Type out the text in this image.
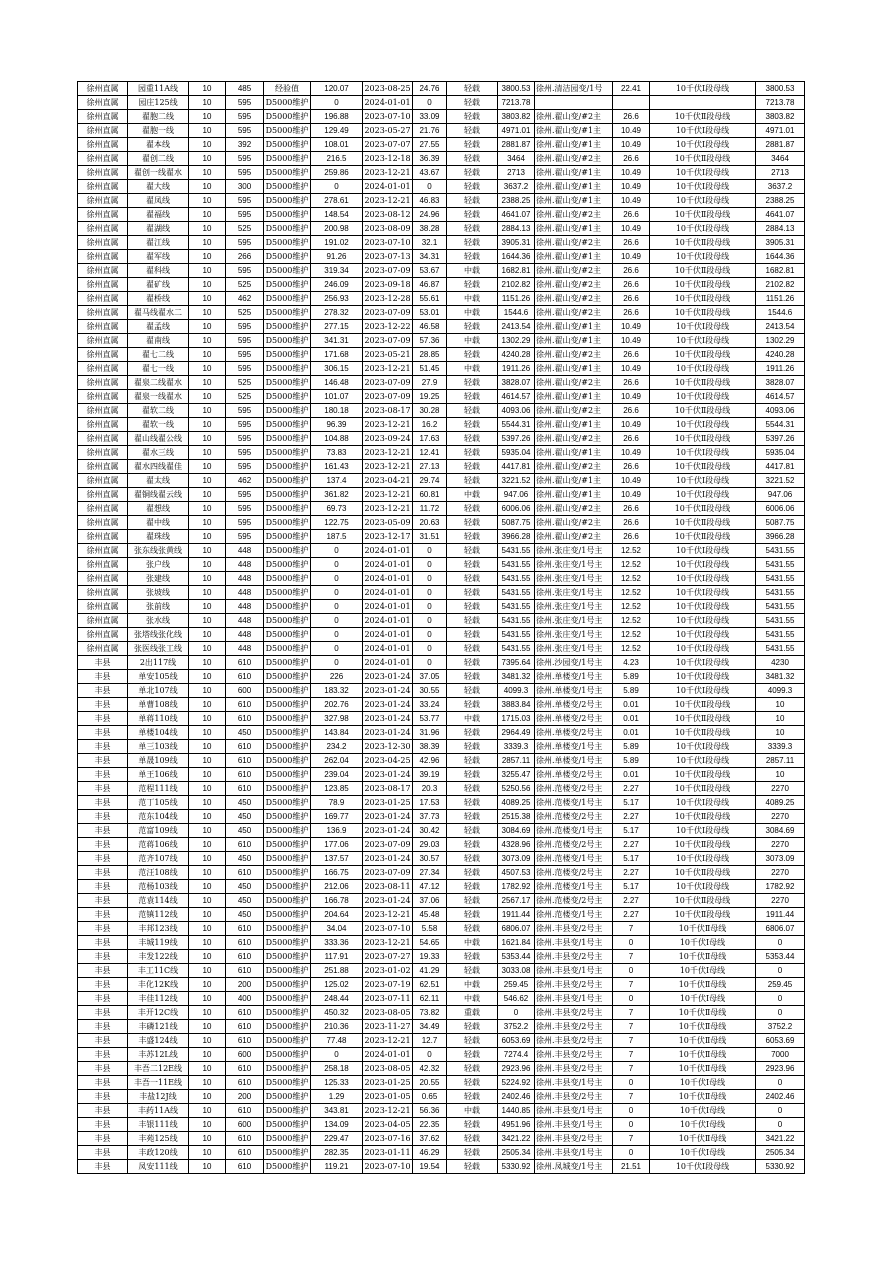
徐州直属	园重11A线	10	485	经验值	120.07	2023-08-25	24.76	轻载	3800.53	徐州.清洁园变/1号	22.41	10千伏Ⅰ段母线	3800.53
徐州直属	园庄125线	10	595	D5000维护	0	2024-01-01	0	轻载	7213.78				7213.78
徐州直属	翟胞二线	10	595	D5000维护	196.88	2023-07-10	33.09	轻载	3803.82	徐州.翟山变/#2主	26.6	10千伏Ⅱ段母线	3803.82
徐州直属	翟胞一线	10	595	D5000维护	129.49	2023-05-27	21.76	轻载	4971.01	徐州.翟山变/#1主	10.49	10千伏Ⅰ段母线	4971.01
徐州直属	翟本线	10	392	D5000维护	108.01	2023-07-07	27.55	轻载	2881.87	徐州.翟山变/#1主	10.49	10千伏Ⅰ段母线	2881.87
徐州直属	翟创二线	10	595	D5000维护	216.5	2023-12-18	36.39	轻载	3464	徐州.翟山变/#2主	26.6	10千伏Ⅱ段母线	3464
徐州直属	翟创一线翟水	10	595	D5000维护	259.86	2023-12-21	43.67	轻载	2713	徐州.翟山变/#1主	10.49	10千伏Ⅰ段母线	2713
徐州直属	翟大线	10	300	D5000维护	0	2024-01-01	0	轻载	3637.2	徐州.翟山变/#1主	10.49	10千伏Ⅰ段母线	3637.2
徐州直属	翟凤线	10	595	D5000维护	278.61	2023-12-21	46.83	轻载	2388.25	徐州.翟山变/#1主	10.49	10千伏Ⅰ段母线	2388.25
徐州直属	翟福线	10	595	D5000维护	148.54	2023-08-12	24.96	轻载	4641.07	徐州.翟山变/#2主	26.6	10千伏Ⅱ段母线	4641.07
徐州直属	翟湖线	10	525	D5000维护	200.98	2023-08-09	38.28	轻载	2884.13	徐州.翟山变/#1主	10.49	10千伏Ⅰ段母线	2884.13
徐州直属	翟江线	10	595	D5000维护	191.02	2023-07-10	32.1	轻载	3905.31	徐州.翟山变/#2主	26.6	10千伏Ⅱ段母线	3905.31
徐州直属	翟军线	10	266	D5000维护	91.26	2023-07-13	34.31	轻载	1644.36	徐州.翟山变/#1主	10.49	10千伏Ⅰ段母线	1644.36
徐州直属	翟科线	10	595	D5000维护	319.34	2023-07-09	53.67	中载	1682.81	徐州.翟山变/#2主	26.6	10千伏Ⅱ段母线	1682.81
徐州直属	翟矿线	10	525	D5000维护	246.09	2023-09-18	46.87	轻载	2102.82	徐州.翟山变/#2主	26.6	10千伏Ⅱ段母线	2102.82
徐州直属	翟桥线	10	462	D5000维护	256.93	2023-12-28	55.61	中载	1151.26	徐州.翟山变/#2主	26.6	10千伏Ⅱ段母线	1151.26
徐州直属	翟马线翟水二	10	525	D5000维护	278.32	2023-07-09	53.01	中载	1544.6	徐州.翟山变/#2主	26.6	10千伏Ⅱ段母线	1544.6
徐州直属	翟孟线	10	595	D5000维护	277.15	2023-12-22	46.58	轻载	2413.54	徐州.翟山变/#1主	10.49	10千伏Ⅰ段母线	2413.54
徐州直属	翟南线	10	595	D5000维护	341.31	2023-07-09	57.36	中载	1302.29	徐州.翟山变/#1主	10.49	10千伏Ⅰ段母线	1302.29
徐州直属	翟七二线	10	595	D5000维护	171.68	2023-05-21	28.85	轻载	4240.28	徐州.翟山变/#2主	26.6	10千伏Ⅱ段母线	4240.28
徐州直属	翟七一线	10	595	D5000维护	306.15	2023-12-21	51.45	中载	1911.26	徐州.翟山变/#1主	10.49	10千伏Ⅰ段母线	1911.26
徐州直属	翟泉二线翟水	10	525	D5000维护	146.48	2023-07-09	27.9	轻载	3828.07	徐州.翟山变/#2主	26.6	10千伏Ⅱ段母线	3828.07
徐州直属	翟泉一线翟水	10	525	D5000维护	101.07	2023-07-09	19.25	轻载	4614.57	徐州.翟山变/#1主	10.49	10千伏Ⅰ段母线	4614.57
徐州直属	翟软二线	10	595	D5000维护	180.18	2023-08-17	30.28	轻载	4093.06	徐州.翟山变/#2主	26.6	10千伏Ⅱ段母线	4093.06
徐州直属	翟软一线	10	595	D5000维护	96.39	2023-12-21	16.2	轻载	5544.31	徐州.翟山变/#1主	10.49	10千伏Ⅰ段母线	5544.31
徐州直属	翟山线翟公线	10	595	D5000维护	104.88	2023-09-24	17.63	轻载	5397.26	徐州.翟山变/#2主	26.6	10千伏Ⅱ段母线	5397.26
徐州直属	翟水三线	10	595	D5000维护	73.83	2023-12-21	12.41	轻载	5935.04	徐州.翟山变/#1主	10.49	10千伏Ⅰ段母线	5935.04
徐州直属	翟水四线翟佳	10	595	D5000维护	161.43	2023-12-21	27.13	轻载	4417.81	徐州.翟山变/#2主	26.6	10千伏Ⅱ段母线	4417.81
徐州直属	翟太线	10	462	D5000维护	137.4	2023-04-21	29.74	轻载	3221.52	徐州.翟山变/#1主	10.49	10千伏Ⅰ段母线	3221.52
徐州直属	翟铜线翟云线	10	595	D5000维护	361.82	2023-12-21	60.81	中载	947.06	徐州.翟山变/#1主	10.49	10千伏Ⅰ段母线	947.06
徐州直属	翟想线	10	595	D5000维护	69.73	2023-12-21	11.72	轻载	6006.06	徐州.翟山变/#2主	26.6	10千伏Ⅱ段母线	6006.06
徐州直属	翟中线	10	595	D5000维护	122.75	2023-05-09	20.63	轻载	5087.75	徐州.翟山变/#2主	26.6	10千伏Ⅱ段母线	5087.75
徐州直属	翟珠线	10	595	D5000维护	187.5	2023-12-17	31.51	轻载	3966.28	徐州.翟山变/#2主	26.6	10千伏Ⅱ段母线	3966.28
徐州直属	张东线张黄线	10	448	D5000维护	0	2024-01-01	0	轻载	5431.55	徐州.张庄变/1号主	12.52	10千伏Ⅰ段母线	5431.55
徐州直属	张户线	10	448	D5000维护	0	2024-01-01	0	轻载	5431.55	徐州.张庄变/1号主	12.52	10千伏Ⅰ段母线	5431.55
徐州直属	张建线	10	448	D5000维护	0	2024-01-01	0	轻载	5431.55	徐州.张庄变/1号主	12.52	10千伏Ⅰ段母线	5431.55
徐州直属	张坡线	10	448	D5000维护	0	2024-01-01	0	轻载	5431.55	徐州.张庄变/1号主	12.52	10千伏Ⅰ段母线	5431.55
徐州直属	张前线	10	448	D5000维护	0	2024-01-01	0	轻载	5431.55	徐州.张庄变/1号主	12.52	10千伏Ⅰ段母线	5431.55
徐州直属	张水线	10	448	D5000维护	0	2024-01-01	0	轻载	5431.55	徐州.张庄变/1号主	12.52	10千伏Ⅰ段母线	5431.55
徐州直属	张塔线张化线	10	448	D5000维护	0	2024-01-01	0	轻载	5431.55	徐州.张庄变/1号主	12.52	10千伏Ⅰ段母线	5431.55
徐州直属	张医线张工线	10	448	D5000维护	0	2024-01-01	0	轻载	5431.55	徐州.张庄变/1号主	12.52	10千伏Ⅰ段母线	5431.55
丰县	2出117线	10	610	D5000维护	0	2024-01-01	0	轻载	7395.64	徐州.沙园变/1号主	4.23	10千伏Ⅰ段母线	4230
丰县	单安105线	10	610	D5000维护	226	2023-01-24	37.05	轻载	3481.32	徐州.单楼变/1号主	5.89	10千伏Ⅰ段母线	3481.32
丰县	单北107线	10	600	D5000维护	183.32	2023-01-24	30.55	轻载	4099.3	徐州.单楼变/1号主	5.89	10千伏Ⅰ段母线	4099.3
丰县	单曹108线	10	610	D5000维护	202.76	2023-01-24	33.24	轻载	3883.84	徐州.单楼变/2号主	0.01	10千伏Ⅱ段母线	10
丰县	单蒋110线	10	610	D5000维护	327.98	2023-01-24	53.77	中载	1715.03	徐州.单楼变/2号主	0.01	10千伏Ⅱ段母线	10
丰县	单楼104线	10	450	D5000维护	143.84	2023-01-24	31.96	轻载	2964.49	徐州.单楼变/2号主	0.01	10千伏Ⅱ段母线	10
丰县	单三103线	10	610	D5000维护	234.2	2023-12-30	38.39	轻载	3339.3	徐州.单楼变/1号主	5.89	10千伏Ⅰ段母线	3339.3
丰县	单晟109线	10	610	D5000维护	262.04	2023-04-25	42.96	轻载	2857.11	徐州.单楼变/1号主	5.89	10千伏Ⅰ段母线	2857.11
丰县	单王106线	10	610	D5000维护	239.04	2023-01-24	39.19	轻载	3255.47	徐州.单楼变/2号主	0.01	10千伏Ⅱ段母线	10
丰县	范程111线	10	610	D5000维护	123.85	2023-08-17	20.3	轻载	5250.56	徐州.范楼变/2号主	2.27	10千伏Ⅱ段母线	2270
丰县	范丁105线	10	450	D5000维护	78.9	2023-01-25	17.53	轻载	4089.25	徐州.范楼变/1号主	5.17	10千伏Ⅰ段母线	4089.25
丰县	范东104线	10	450	D5000维护	169.77	2023-01-24	37.73	轻载	2515.38	徐州.范楼变/2号主	2.27	10千伏Ⅱ段母线	2270
丰县	范富109线	10	450	D5000维护	136.9	2023-01-24	30.42	轻载	3084.69	徐州.范楼变/1号主	5.17	10千伏Ⅰ段母线	3084.69
丰县	范蒋106线	10	610	D5000维护	177.06	2023-07-09	29.03	轻载	4328.96	徐州.范楼变/2号主	2.27	10千伏Ⅱ段母线	2270
丰县	范齐107线	10	450	D5000维护	137.57	2023-01-24	30.57	轻载	3073.09	徐州.范楼变/1号主	5.17	10千伏Ⅰ段母线	3073.09
丰县	范汪108线	10	610	D5000维护	166.75	2023-07-09	27.34	轻载	4507.53	徐州.范楼变/2号主	2.27	10千伏Ⅱ段母线	2270
丰县	范杨103线	10	450	D5000维护	212.06	2023-08-11	47.12	轻载	1782.92	徐州.范楼变/1号主	5.17	10千伏Ⅰ段母线	1782.92
丰县	范袁114线	10	450	D5000维护	166.78	2023-01-24	37.06	轻载	2567.17	徐州.范楼变/2号主	2.27	10千伏Ⅱ段母线	2270
丰县	范镇112线	10	450	D5000维护	204.64	2023-12-21	45.48	轻载	1911.44	徐州.范楼变/1号主	2.27	10千伏Ⅱ段母线	1911.44
丰县	丰邦123线	10	610	D5000维护	34.04	2023-07-10	5.58	轻载	6806.07	徐州.丰县变/2号主	7	10千伏Ⅱ母线	6806.07
丰县	丰城119线	10	610	D5000维护	333.36	2023-12-21	54.65	中载	1621.84	徐州.丰县变/1号主	0	10千伏Ⅰ母线	0
丰县	丰发122线	10	610	D5000维护	117.91	2023-07-27	19.33	轻载	5353.44	徐州.丰县变/2号主	7	10千伏Ⅱ母线	5353.44
丰县	丰工11C线	10	610	D5000维护	251.88	2023-01-02	41.29	轻载	3033.08	徐州.丰县变/1号主	0	10千伏Ⅰ母线	0
丰县	丰化12K线	10	200	D5000维护	125.02	2023-07-19	62.51	中载	259.45	徐州.丰县变/2号主	7	10千伏Ⅱ母线	259.45
丰县	丰佳112线	10	400	D5000维护	248.44	2023-07-11	62.11	中载	546.62	徐州.丰县变/1号主	0	10千伏Ⅰ母线	0
丰县	丰开12C线	10	610	D5000维护	450.32	2023-08-05	73.82	重载	0	徐州.丰县变/2号主	7	10千伏Ⅱ母线	0
丰县	丰磷121线	10	610	D5000维护	210.36	2023-11-27	34.49	轻载	3752.2	徐州.丰县变/2号主	7	10千伏Ⅱ母线	3752.2
丰县	丰盛124线	10	610	D5000维护	77.48	2023-12-21	12.7	轻载	6053.69	徐州.丰县变/2号主	7	10千伏Ⅱ母线	6053.69
丰县	丰苏12L线	10	600	D5000维护	0	2024-01-01	0	轻载	7274.4	徐州.丰县变/2号主	7	10千伏Ⅱ母线	7000
丰县	丰吾二12E线	10	610	D5000维护	258.18	2023-08-05	42.32	轻载	2923.96	徐州.丰县变/2号主	7	10千伏Ⅱ母线	2923.96
丰县	丰吾一11E线	10	610	D5000维护	125.33	2023-01-25	20.55	轻载	5224.92	徐州.丰县变/1号主	0	10千伏Ⅰ母线	0
丰县	丰盐12J线	10	200	D5000维护	1.29	2023-01-05	0.65	轻载	2402.46	徐州.丰县变/2号主	7	10千伏Ⅱ母线	2402.46
丰县	丰药11A线	10	610	D5000维护	343.81	2023-12-21	56.36	中载	1440.85	徐州.丰县变/1号主	0	10千伏Ⅰ母线	0
丰县	丰银111线	10	600	D5000维护	134.09	2023-04-05	22.35	轻载	4951.96	徐州.丰县变/1号主	0	10千伏Ⅰ母线	0
丰县	丰苑125线	10	610	D5000维护	229.47	2023-07-16	37.62	轻载	3421.22	徐州.丰县变/2号主	7	10千伏Ⅱ母线	3421.22
丰县	丰政120线	10	610	D5000维护	282.35	2023-01-11	46.29	轻载	2505.34	徐州.丰县变/1号主	0	10千伏Ⅰ母线	2505.34
丰县	凤安111线	10	610	D5000维护	119.21	2023-07-10	19.54	轻载	5330.92	徐州.凤城变/1号主	21.51	10千伏Ⅰ段母线	5330.92
